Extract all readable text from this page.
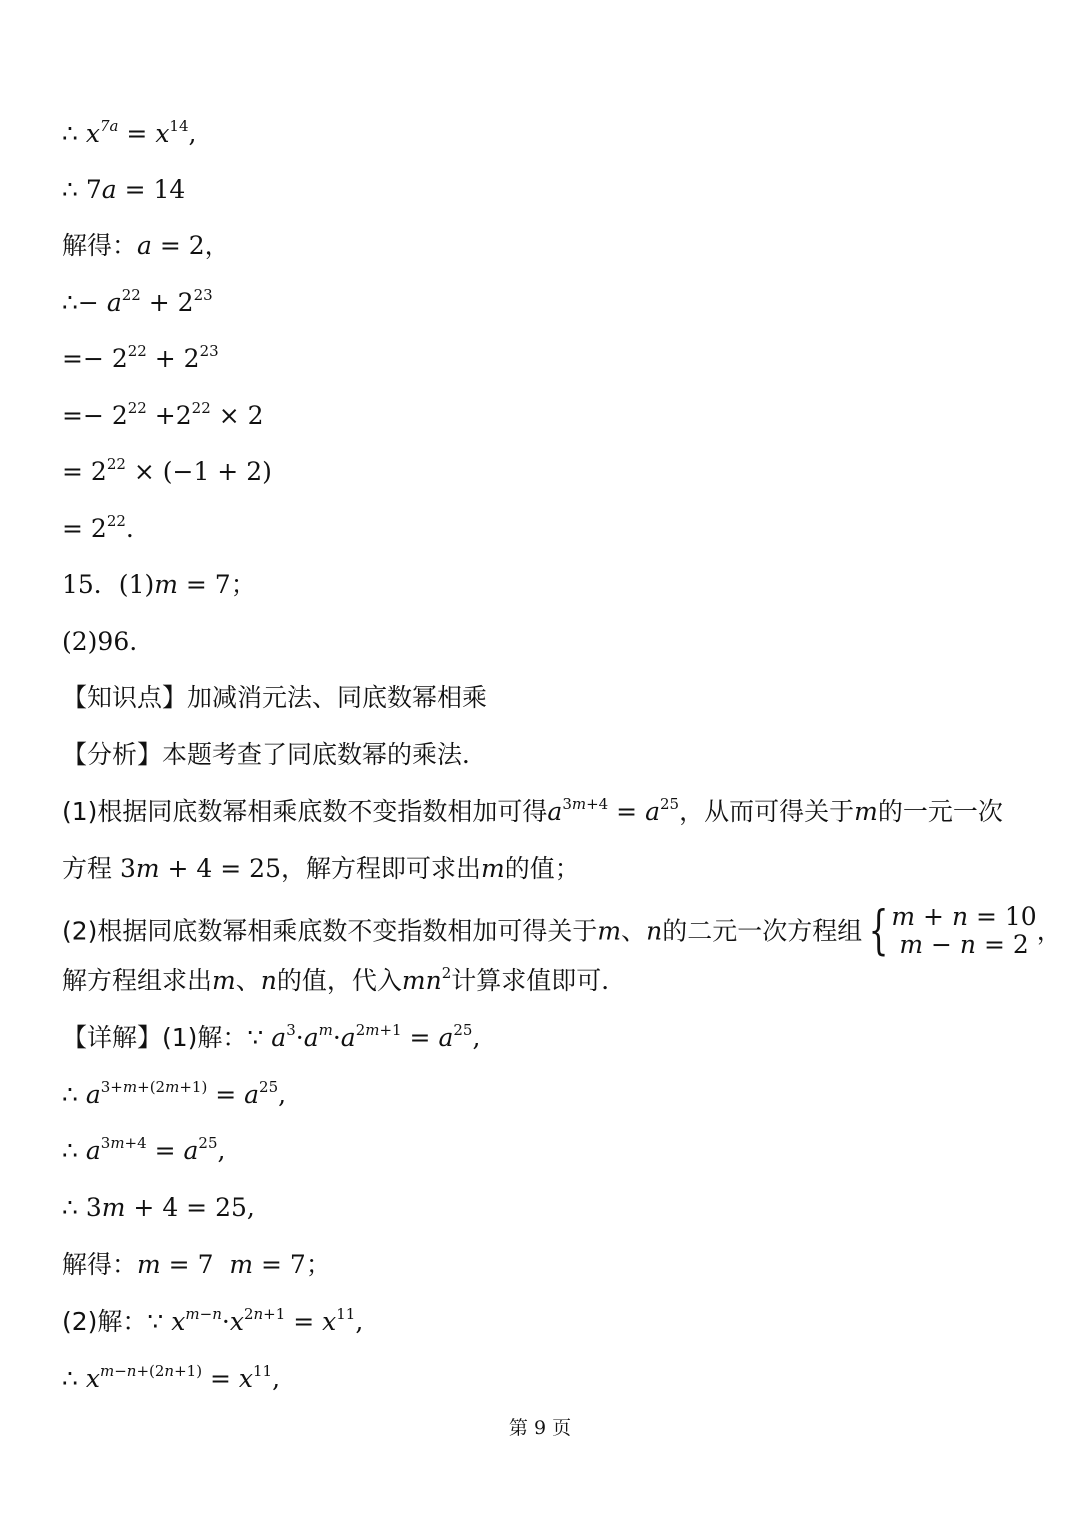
∴ $x^{7a} = x^{14}$,
∴ 7a = 14
解得：a = 2，
∴− $a^{22} + 2^{23}$
=− $2^{22} + 2^{23}$
=− $2^{22} +2^{22} \times 2$
= $2^{22} \times (-1 + 2)$
= $2^{22}$.
15．(1)m = 7；
(2)96.
【知识点】加减消元法、同底数幂相乘
【分析】本题考查了同底数幂的乘法．
(1)根据同底数幂相乘底数不变指数相加可得$a^{3m+4} = a^{25}$，从而可得关于m的一元一次
方程 3m + 4 = 25，解方程即可求出m的值；
(2)根据同底数幂相乘底数不变指数相加可得关于m、n的二元一次方程组 { m + n = 10
m − n = 2 ，
解方程组求出m、n的值，代入$mn^2$计算求值即可．
【详解】(1)解：∵ $a^3\cdot a^m\cdot a^{2m+1} = a^{25}$,
∴ $a^{3+m+(2m+1)} = a^{25}$,
∴ $a^{3m+4} = a^{25}$,
∴ 3m + 4 = 25,
解得：m = 7  m = 7；
(2)解：∵ $x^{m-n}\cdot x^{2n+1} = x^{11}$,
∴ $x^{m-n+(2n+1)} = x^{11}$,
第 9 页
